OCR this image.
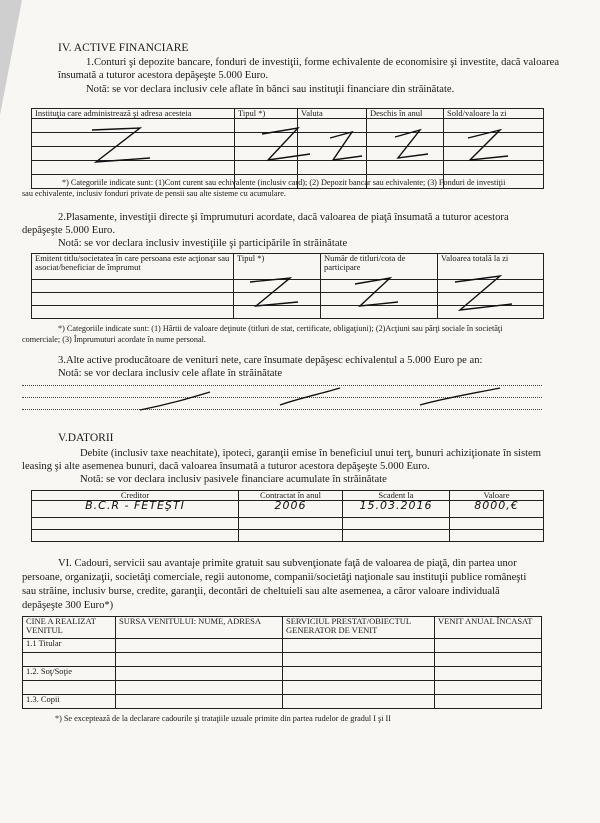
IV. ACTIVE FINANCIARE
1.Conturi şi depozite bancare, fonduri de investiţii, forme echivalente de economisire şi investite, dacă valoarea
însumată a tuturor acestora depăşeşte 5.000 Euro.
Notă: se vor declara inclusiv cele aflate în bănci sau instituţii financiare din străinătate.
Instituţia care administrează şi adresa acesteia	Tipul *)	Valuta	Deschis în anul	Sold/valoare la zi

*) Categoriile indicate sunt: (1)Cont curent sau echivalente (inclusiv card); (2) Depozit bancar sau echivalente; (3) Fonduri de investiţii
sau echivalente, inclusiv fonduri private de pensii sau alte sisteme cu acumulare.
2.Plasamente, investiţii directe şi împrumuturi acordate, dacă valoarea de piaţă însumată a tuturor acestora
depăşeşte 5.000 Euro.
Notă: se vor declara inclusiv investiţiile şi participările în străinătate
Emitent titlu/societatea în care persoana este acţionar sau asociat/beneficiar de împrumut	Tipul *)	Număr de titluri/cota de participare	Valoarea totală la zi

*) Categoriile indicate sunt: (1) Hârtii de valoare deţinute (titluri de stat, certificate, obligaţiuni); (2)Acţiuni sau părţi sociale în societăţi
comerciale; (3) Împrumuturi acordate în nume personal.
3.Alte active producătoare de venituri nete, care însumate depăşesc echivalentul a 5.000 Euro pe an:
Notă: se vor declara inclusiv cele aflate în străinătate
V.DATORII
Debite (inclusiv taxe neachitate), ipoteci, garanţii emise în beneficiul unui terţ, bunuri achiziţionate în sistem
leasing şi alte asemenea bunuri, dacă valoarea însumată a tuturor acestora depăşeşte 5.000 Euro.
Notă: se vor declara inclusiv pasivele financiare acumulate în străinătate
Creditor	Contractat în anul	Scadent la	Valoare
B.C.R - FETEŞTI	2006	15.03.2016	8000,€

VI. Cadouri, servicii sau avantaje primite gratuit sau subvenţionate faţă de valoarea de piaţă, din partea unor
persoane, organizaţii, societăţi comerciale, regii autonome, companii/societăţi naţionale sau instituţii publice româneşti
sau străine, inclusiv burse, credite, garanţii, decontări de cheltuieli sau alte asemenea, a căror valoare individuală
depăşeşte 300 Euro*)
CINE A REALIZAT VENITUL	SURSA VENITULUI: NUME, ADRESA	SERVICIUL PRESTAT/OBIECTUL GENERATOR DE VENIT	VENIT ANUAL ÎNCASAT
1.1 Titular			

1.2. Soţ/Soţie			

1.3. Copii			
*) Se exceptează de la declarare cadourile şi trataţiile uzuale primite din partea rudelor de gradul I şi II
